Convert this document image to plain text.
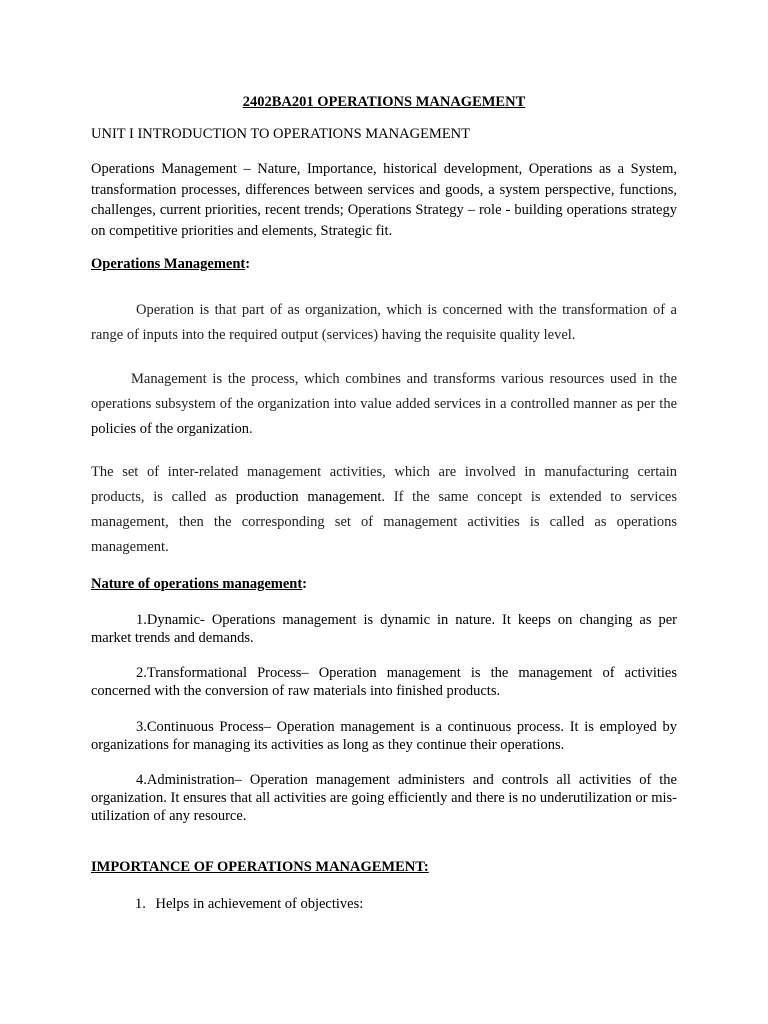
2402BA201 OPERATIONS MANAGEMENT
UNIT I INTRODUCTION TO OPERATIONS MANAGEMENT
Operations Management – Nature, Importance, historical development, Operations as a System, transformation processes, differences between services and goods, a system perspective, functions, challenges, current priorities, recent trends; Operations Strategy – role - building operations strategy on competitive priorities and elements, Strategic fit.
Operations Management:
Operation is that part of as organization, which is concerned with the transformation of a range of inputs into the required output (services) having the requisite quality level.
Management is the process, which combines and transforms various resources used in the operations subsystem of the organization into value added services in a controlled manner as per the policies of the organization.
The set of inter-related management activities, which are involved in manufacturing certain products, is called as production management. If the same concept is extended to services management, then the corresponding set of management activities is called as operations management.
Nature of operations management:
1.Dynamic- Operations management is dynamic in nature. It keeps on changing as per market trends and demands.
2.Transformational Process– Operation management is the management of activities concerned with the conversion of raw materials into finished products.
3.Continuous Process– Operation management is a continuous process. It is employed by organizations for managing its activities as long as they continue their operations.
4.Administration– Operation management administers and controls all activities of the organization. It ensures that all activities are going efficiently and there is no underutilization or mis-utilization of any resource.
IMPORTANCE OF OPERATIONS MANAGEMENT:
1. Helps in achievement of objectives:
